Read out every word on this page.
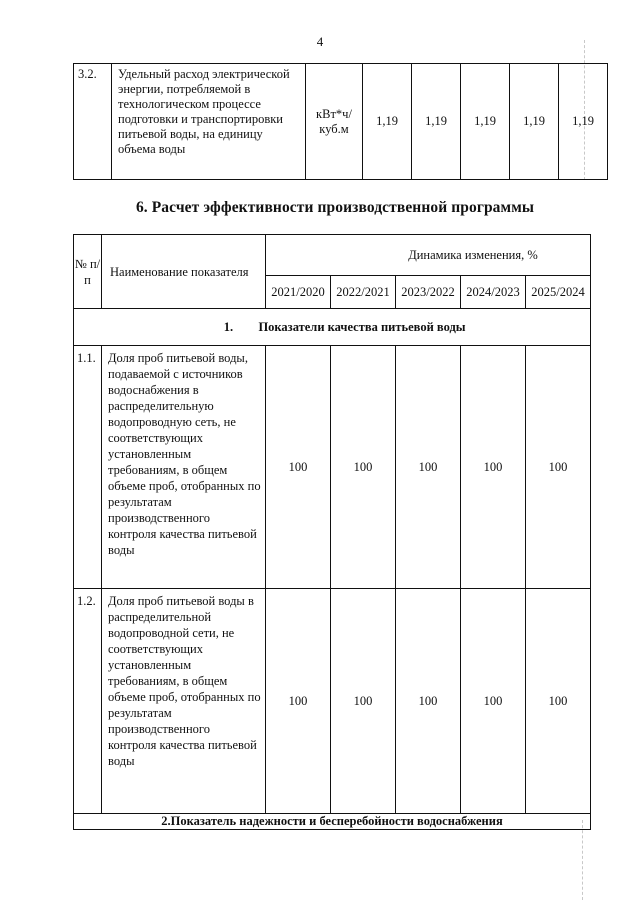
4
3.2.	Удельный расход электрической энергии, потребляемой в технологическом процессе подготовки и транспортировки питьевой воды, на единицу объема воды	кВт*ч/ куб.м	1,19	1,19	1,19	1,19	1,19
6. Расчет эффективности производственной программы
№ п/п	Наименование показателя	Динамика изменения, %				
		2021/2020	2022/2021	2023/2022	2024/2023	2025/2024
1. Показатели качества питьевой воды						
1.1.	Доля проб питьевой воды, подаваемой с источников водоснабжения в распределительную водопроводную сеть, не соответствующих установленным требованиям, в общем объеме проб, отобранных по результатам производственного контроля качества питьевой воды	100	100	100	100	100
1.2.	Доля проб питьевой воды в распределительной водопроводной сети, не соответствующих установленным требованиям, в общем объеме проб, отобранных по результатам производственного контроля качества питьевой воды	100	100	100	100	100
2.Показатель надежности и бесперебойности водоснабжения						
